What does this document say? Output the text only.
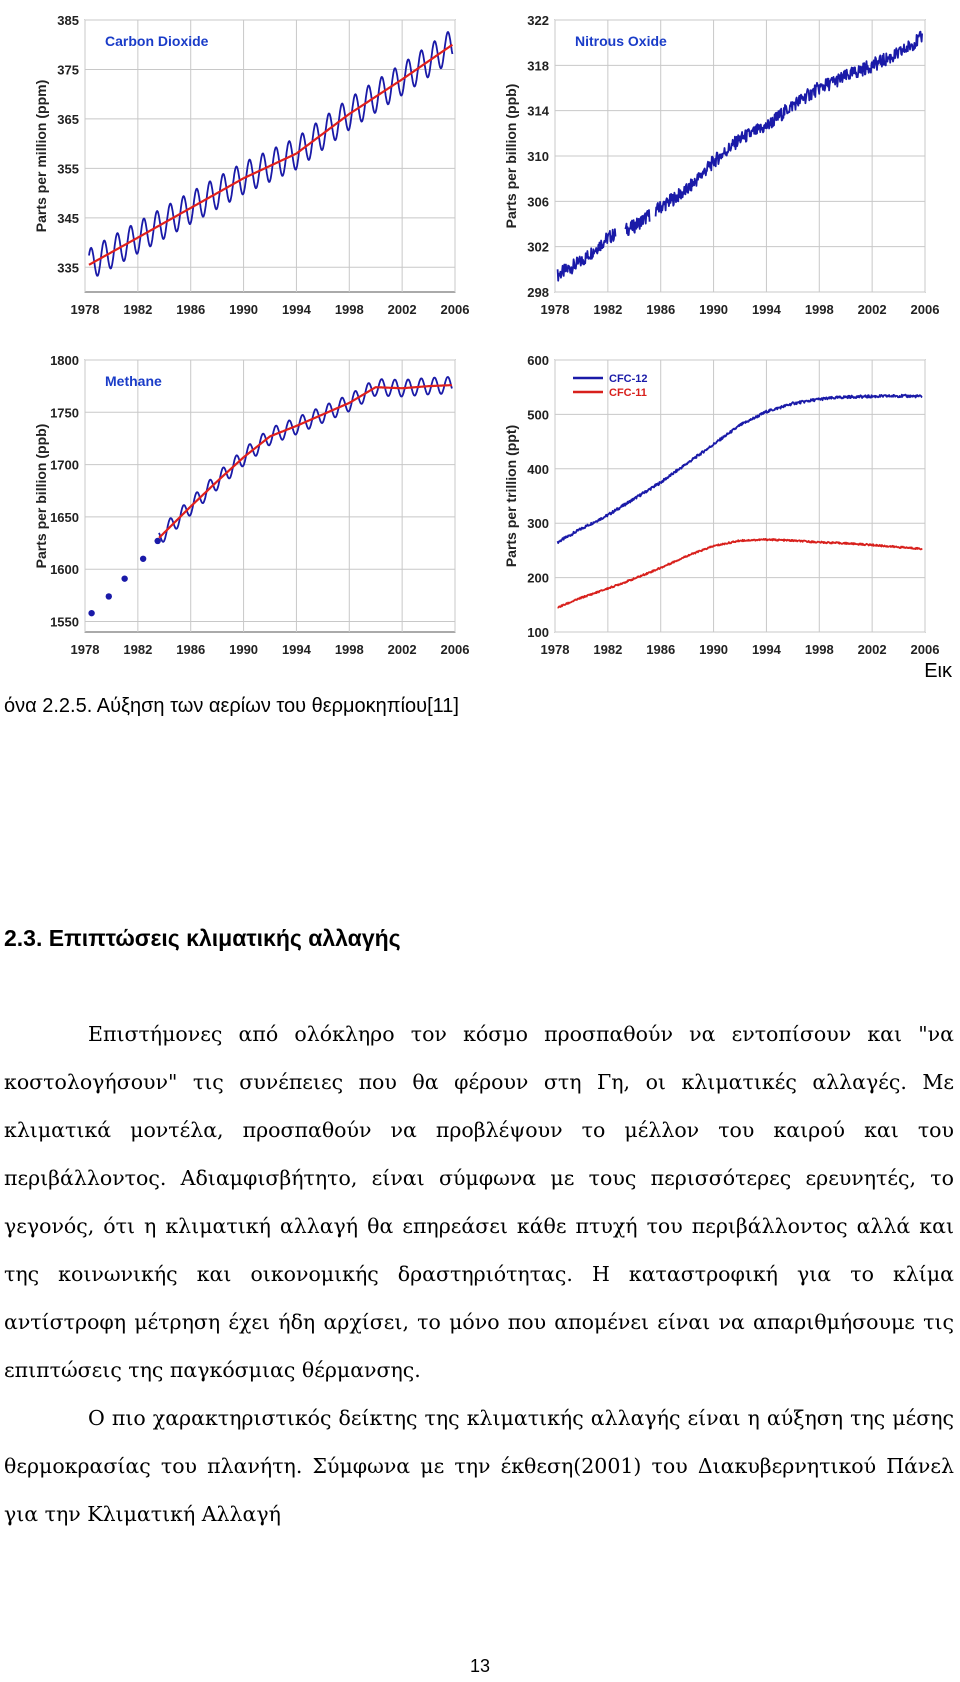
1978 1982 1986 1990 1994 1998 2002 2006
335
345
355
365
375
385
Parts per million (ppm)
Carbon Dioxide
1978 1982 1986 1990 1994 1998 2002 2006
298
302
306
310
314
318
322
Parts per billion (ppb)
Nitrous Oxide
1978 1982 1986 1990 1994 1998 2002 2006
1550
1600
1650
1700
1750
1800
Parts per billion (ppb)
Methane
1978 1982 1986 1990 1994 1998 2002 2006
100
200
300
400
500
600
Parts per trillion (ppt)
CFC-12
CFC-11
Εικ
όνα 2.2.5. Αύξηση των αερίων του θερμοκηπίου[11]
2.3. Επιπτώσεις κλιματικής αλλαγής

Επιστήμονες από ολόκληρο τον κόσμο προσπαθούν να εντοπίσουν και "να κοστολογήσουν" τις συνέπειες που θα φέρουν στη Γη, οι κλιματικές αλλαγές. Με κλιματικά μοντέλα, προσπαθούν να προβλέψουν το μέλλον του καιρού και του περιβάλλοντος. Αδιαμφισβήτητο, είναι σύμφωνα με τους περισσότερες ερευνητές, το γεγονός, ότι η κλιματική αλλαγή θα επηρεάσει κάθε πτυχή του περιβάλλοντος αλλά και της κοινωνικής και οικονομικής δραστηριότητας. Η καταστροφική για το κλίμα αντίστροφη μέτρηση έχει ήδη αρχίσει, το μόνο που απομένει είναι να απαριθμήσουμε τις επιπτώσεις της παγκόσμιας θέρμανσης.

Ο πιο χαρακτηριστικός δείκτης της κλιματικής αλλαγής είναι η αύξηση της μέσης θερμοκρασίας του πλανήτη. Σύμφωνα με την έκθεση(2001) του Διακυβερνητικού Πάνελ για την Κλιματική Αλλαγή

13
